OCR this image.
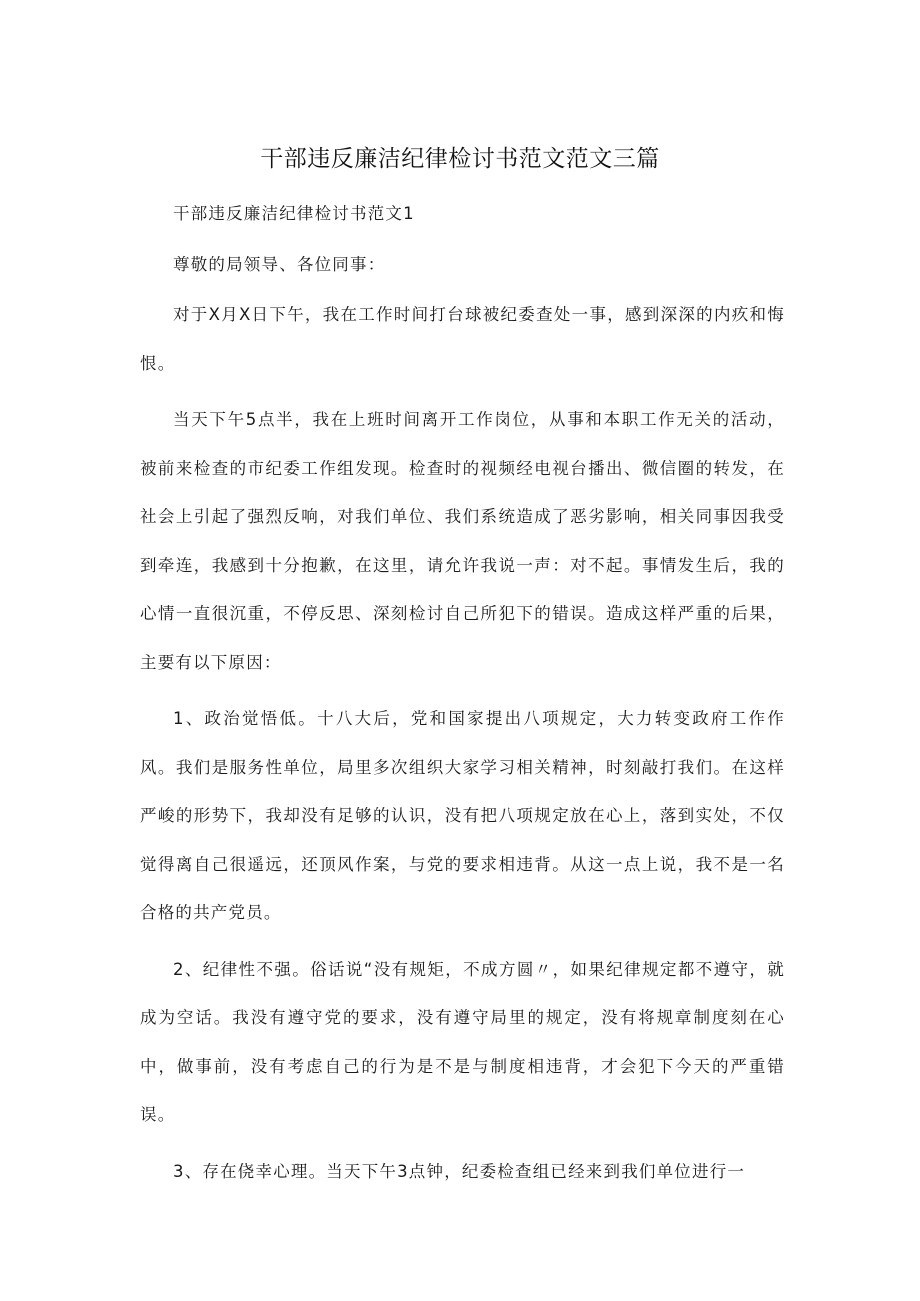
干部违反廉洁纪律检讨书范文范文三篇

干部违反廉洁纪律检讨书范文1

尊敬的局领导、各位同事：

对于X月X日下午，我在工作时间打台球被纪委查处一事，感到深深的内疚和悔恨。

当天下午5点半，我在上班时间离开工作岗位，从事和本职工作无关的活动，被前来检查的市纪委工作组发现。检查时的视频经电视台播出、微信圈的转发，在社会上引起了强烈反响，对我们单位、我们系统造成了恶劣影响，相关同事因我受到牵连，我感到十分抱歉，在这里，请允许我说一声：对不起。事情发生后，我的心情一直很沉重，不停反思、深刻检讨自己所犯下的错误。造成这样严重的后果，主要有以下原因：

1、政治觉悟低。十八大后，党和国家提出八项规定，大力转变政府工作作风。我们是服务性单位，局里多次组织大家学习相关精神，时刻敲打我们。在这样严峻的形势下，我却没有足够的认识，没有把八项规定放在心上，落到实处，不仅觉得离自己很遥远，还顶风作案，与党的要求相违背。从这一点上说，我不是一名合格的共产党员。

2、纪律性不强。俗话说“没有规矩，不成方圆〃，如果纪律规定都不遵守，就成为空话。我没有遵守党的要求，没有遵守局里的规定，没有将规章制度刻在心中，做事前，没有考虑自己的行为是不是与制度相违背，才会犯下今天的严重错误。

3、存在侥幸心理。当天下午3点钟，纪委检查组已经来到我们单位进行一
